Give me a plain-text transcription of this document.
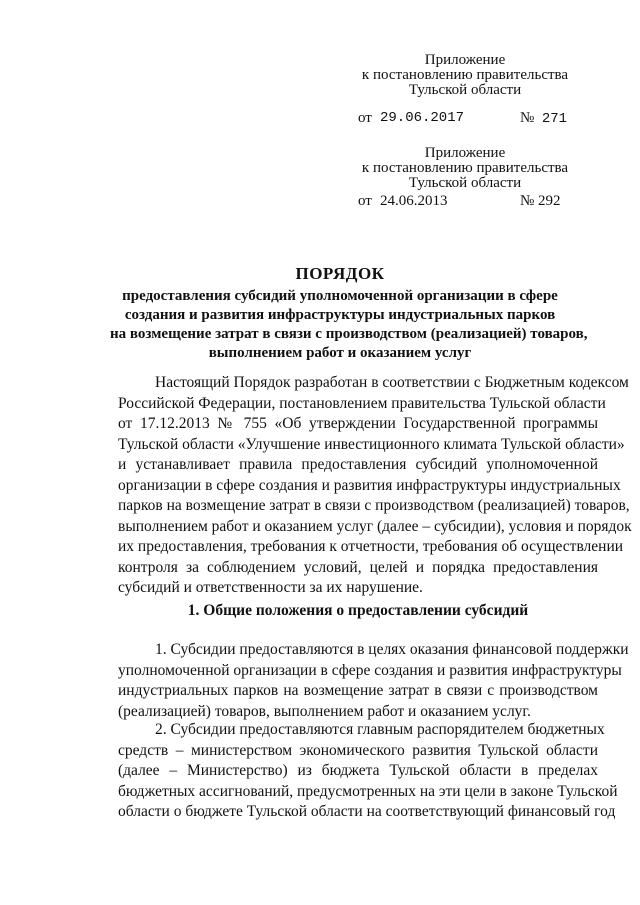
Приложение
к постановлению правительства
Тульской области
от 29.06.2017	№ 271
Приложение
к постановлению правительства
Тульской области
от 24.06.2013	№ 292
ПОРЯДОК
предоставления субсидий уполномоченной организации в сфере
создания и развития инфраструктуры индустриальных парков
на возмещение затрат в связи с производством (реализацией) товаров,
выполнением работ и оказанием услуг
Настоящий Порядок разработан в соответствии с Бюджетным кодексом
Российской Федерации, постановлением правительства Тульской области
от 17.12.2013 № 755 «Об утверждении Государственной программы
Тульской области «Улучшение инвестиционного климата Тульской области»
и устанавливает правила предоставления субсидий уполномоченной
организации в сфере создания и развития инфраструктуры индустриальных
парков на возмещение затрат в связи с производством (реализацией) товаров,
выполнением работ и оказанием услуг (далее – субсидии), условия и порядок
их предоставления, требования к отчетности, требования об осуществлении
контроля за соблюдением условий, целей и порядка предоставления
субсидий и ответственности за их нарушение.
1. Общие положения о предоставлении субсидий
1. Субсидии предоставляются в целях оказания финансовой поддержки
уполномоченной организации в сфере создания и развития инфраструктуры
индустриальных парков на возмещение затрат в связи с производством
(реализацией) товаров, выполнением работ и оказанием услуг.
2. Субсидии предоставляются главным распорядителем бюджетных
средств – министерством экономического развития Тульской области
(далее – Министерство) из бюджета Тульской области в пределах
бюджетных ассигнований, предусмотренных на эти цели в законе Тульской
области о бюджете Тульской области на соответствующий финансовый год
